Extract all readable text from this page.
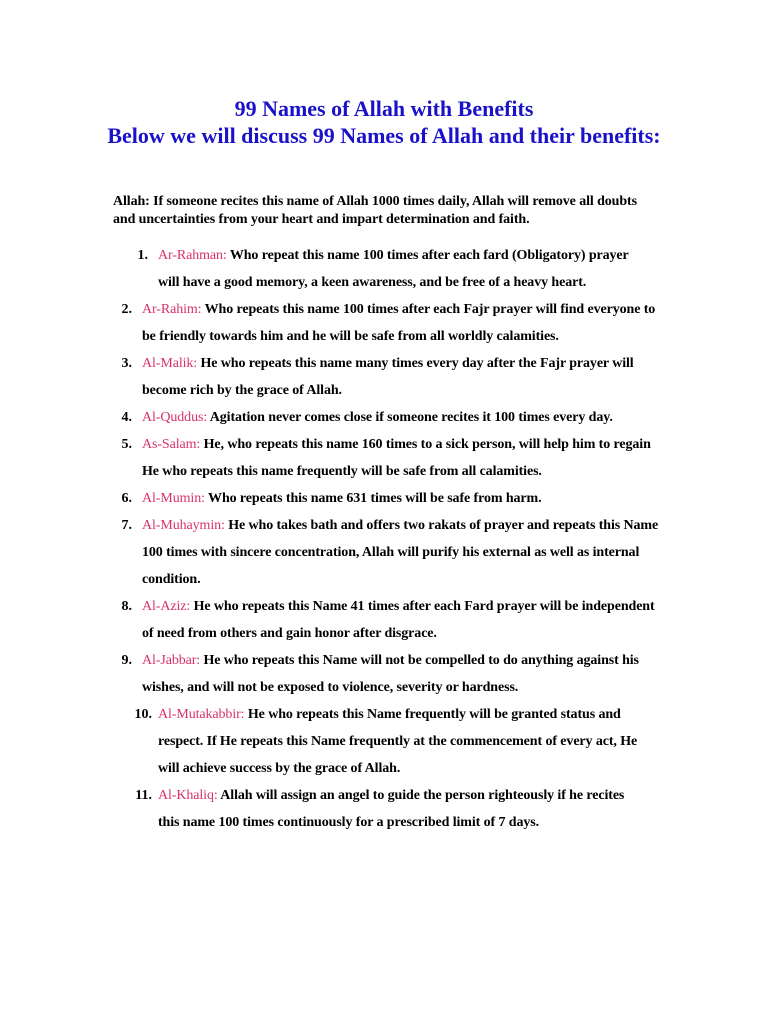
99 Names of Allah with Benefits
Below we will discuss 99 Names of Allah and their benefits:

Allah: If someone recites this name of Allah 1000 times daily, Allah will remove all doubts and uncertainties from your heart and impart determination and faith.

1. Ar-Rahman: Who repeat this name 100 times after each fard (Obligatory) prayer will have a good memory, a keen awareness, and be free of a heavy heart.
2. Ar-Rahim: Who repeats this name 100 times after each Fajr prayer will find everyone to be friendly towards him and he will be safe from all worldly calamities.
3. Al-Malik: He who repeats this name many times every day after the Fajr prayer will become rich by the grace of Allah.
4. Al-Quddus: Agitation never comes close if someone recites it 100 times every day.
5. As-Salam: He, who repeats this name 160 times to a sick person, will help him to regain He who repeats this name frequently will be safe from all calamities.
6. Al-Mumin: Who repeats this name 631 times will be safe from harm.
7. Al-Muhaymin: He who takes bath and offers two rakats of prayer and repeats this Name 100 times with sincere concentration, Allah will purify his external as well as internal condition.
8. Al-Aziz: He who repeats this Name 41 times after each Fard prayer will be independent of need from others and gain honor after disgrace.
9. Al-Jabbar: He who repeats this Name will not be compelled to do anything against his wishes, and will not be exposed to violence, severity or hardness.
10. Al-Mutakabbir: He who repeats this Name frequently will be granted status and respect. If He repeats this Name frequently at the commencement of every act, He will achieve success by the grace of Allah.
11. Al-Khaliq: Allah will assign an angel to guide the person righteously if he recites this name 100 times continuously for a prescribed limit of 7 days.
